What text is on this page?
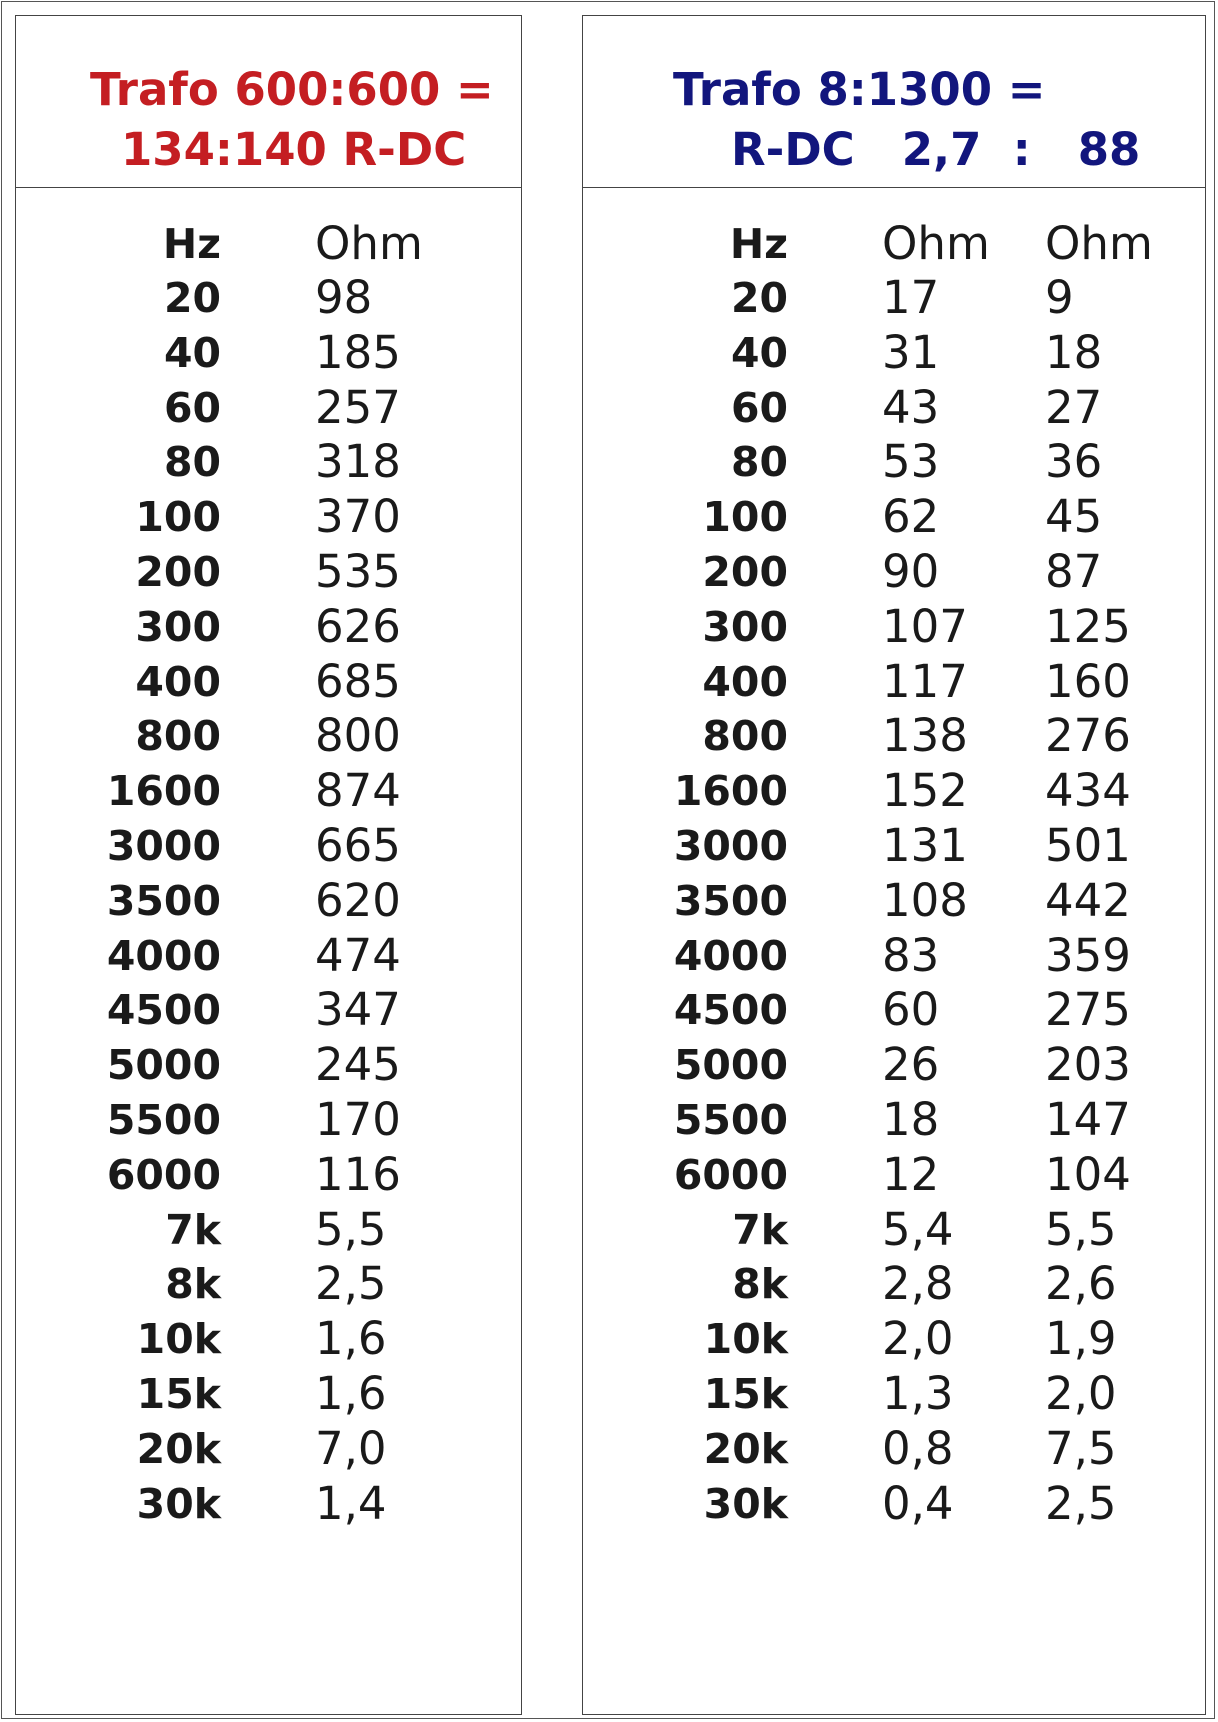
Trafo 600:600 =
134:140 R-DC
Hz Ohm
20 98
40 185
60 257
80 318
100 370
200 535
300 626
400 685
800 800
1600 874
3000 665
3500 620
4000 474
4500 347
5000 245
5500 170
6000 116
7k 5,5
8k 2,5
10k 1,6
15k 1,6
20k 7,0
30k 1,4
Trafo 8:1300 =
R-DC   2,7  :   88
Hz Ohm Ohm
20 17 9
40 31 18
60 43 27
80 53 36
100 62 45
200 90 87
300 107 125
400 117 160
800 138 276
1600 152 434
3000 131 501
3500 108 442
4000 83 359
4500 60 275
5000 26 203
5500 18 147
6000 12 104
7k 5,4 5,5
8k 2,8 2,6
10k 2,0 1,9
15k 1,3 2,0
20k 0,8 7,5
30k 0,4 2,5
